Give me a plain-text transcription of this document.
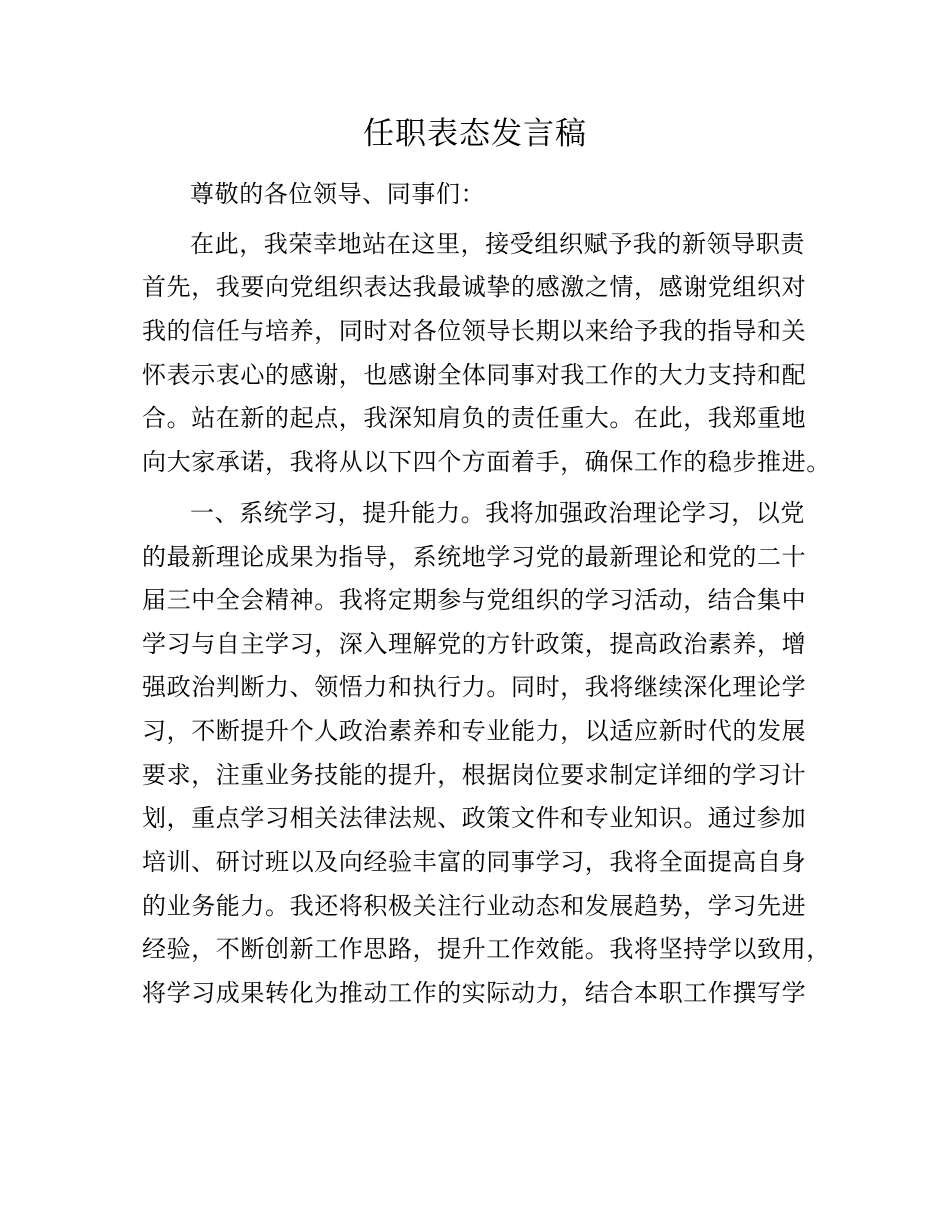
任职表态发言稿
尊敬的各位领导、同事们：
在此，我荣幸地站在这里，接受组织赋予我的新领导职责
首先，我要向党组织表达我最诚挚的感激之情，感谢党组织对
我的信任与培养，同时对各位领导长期以来给予我的指导和关
怀表示衷心的感谢，也感谢全体同事对我工作的大力支持和配
合。站在新的起点，我深知肩负的责任重大。在此，我郑重地
向大家承诺，我将从以下四个方面着手，确保工作的稳步推进。
一、系统学习，提升能力。我将加强政治理论学习，以党
的最新理论成果为指导，系统地学习党的最新理论和党的二十
届三中全会精神。我将定期参与党组织的学习活动，结合集中
学习与自主学习，深入理解党的方针政策，提高政治素养，增
强政治判断力、领悟力和执行力。同时，我将继续深化理论学
习，不断提升个人政治素养和专业能力，以适应新时代的发展
要求，注重业务技能的提升，根据岗位要求制定详细的学习计
划，重点学习相关法律法规、政策文件和专业知识。通过参加
培训、研讨班以及向经验丰富的同事学习，我将全面提高自身
的业务能力。我还将积极关注行业动态和发展趋势，学习先进
经验，不断创新工作思路，提升工作效能。我将坚持学以致用，
将学习成果转化为推动工作的实际动力，结合本职工作撰写学
